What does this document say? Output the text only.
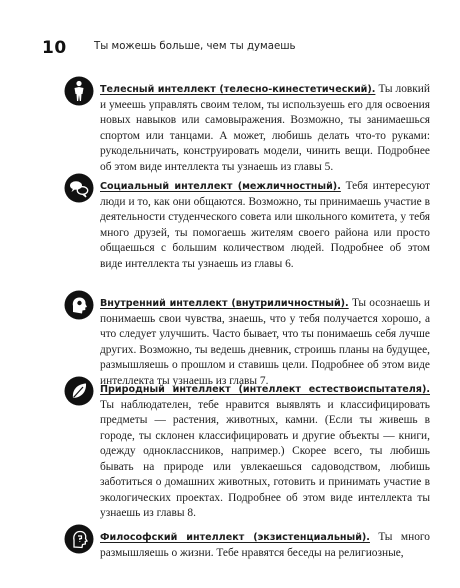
10	Ты можешь больше, чем ты думаешь

Телесный интеллект (телесно-кинестетический). Ты ловкий и умеешь управлять своим телом, ты используешь его для освоения новых навыков или самовыражения. Возможно, ты занимаешься спортом или танцами. А может, любишь делать что-то руками: рукодельничать, конструировать модели, чинить вещи. Подробнее об этом виде интеллекта ты узнаешь из главы 5.

Социальный интеллект (межличностный). Тебя интересуют люди и то, как они общаются. Возможно, ты принимаешь участие в деятельности студенческого совета или школьного комитета, у тебя много друзей, ты помогаешь жителям своего района или просто общаешься с большим количеством людей. Подробнее об этом виде интеллекта ты узнаешь из главы 6.

Внутренний интеллект (внутриличностный). Ты осознаешь и понимаешь свои чувства, знаешь, что у тебя получается хорошо, а что следует улучшить. Часто бывает, что ты понимаешь себя лучше других. Возможно, ты ведешь дневник, строишь планы на будущее, размышляешь о прошлом и ставишь цели. Подробнее об этом виде интеллекта ты узнаешь из главы 7.

Природный интеллект (интеллект естествоиспытателя). Ты наблюдателен, тебе нравится выявлять и классифицировать предметы — растения, животных, камни. (Если ты живешь в городе, ты склонен классифицировать и другие объекты — книги, одежду одноклассников, например.) Скорее всего, ты любишь бывать на природе или увлекаешься садоводством, любишь заботиться о домашних животных, готовить и принимать участие в экологических проектах. Подробнее об этом виде интеллекта ты узнаешь из главы 8.

Философский интеллект (экзистенциальный). Ты много размышляешь о жизни. Тебе нравятся беседы на религиозные,
